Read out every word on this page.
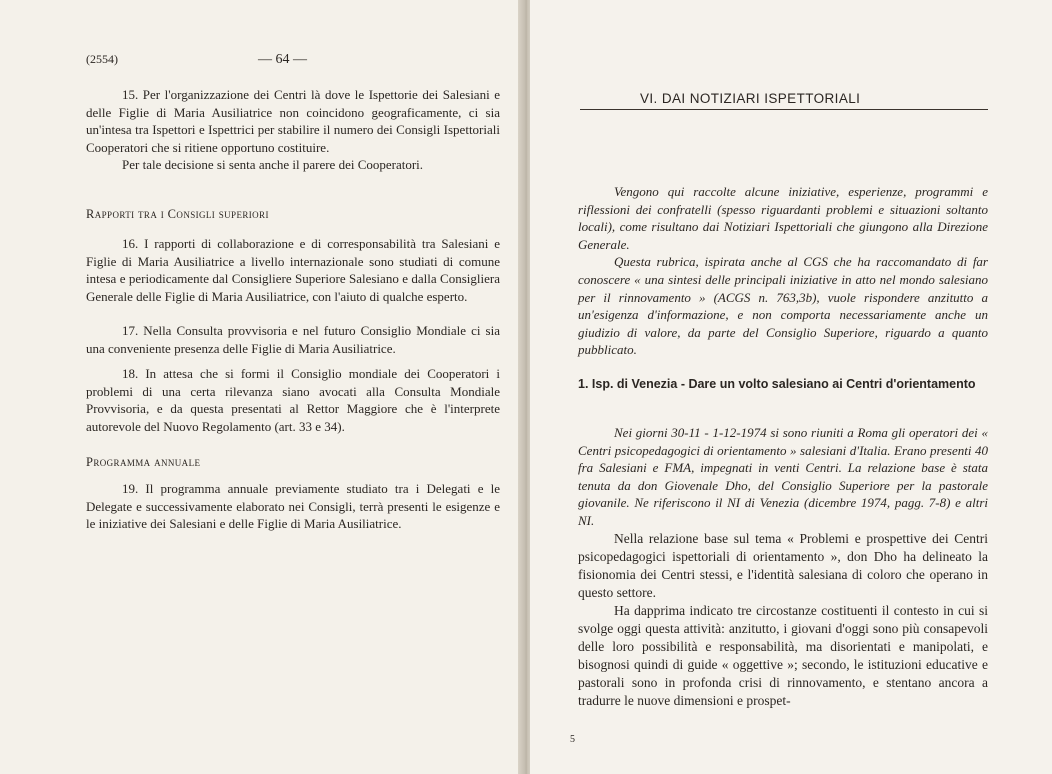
(2554)	— 64 —

15. Per l'organizzazione dei Centri là dove le Ispettorie dei Salesiani e delle Figlie di Maria Ausiliatrice non coincidono geograficamente, ci sia un'intesa tra Ispettori e Ispettrici per stabilire il numero dei Consigli Ispettoriali Cooperatori che si ritiene opportuno costituire.

Per tale decisione si senta anche il parere dei Cooperatori.

Rapporti tra i Consigli superiori

16. I rapporti di collaborazione e di corresponsabilità tra Salesiani e Figlie di Maria Ausiliatrice a livello internazionale sono studiati di comune intesa e periodicamente dal Consigliere Superiore Salesiano e dalla Consigliera Generale delle Figlie di Maria Ausiliatrice, con l'aiuto di qualche esperto.

17. Nella Consulta provvisoria e nel futuro Consiglio Mondiale ci sia una conveniente presenza delle Figlie di Maria Ausiliatrice.

18. In attesa che si formi il Consiglio mondiale dei Cooperatori i problemi di una certa rilevanza siano avocati alla Consulta Mondiale Provvisoria, e da questa presentati al Rettor Maggiore che è l'interprete autorevole del Nuovo Regolamento (art. 33 e 34).

Programma annuale

19. Il programma annuale previamente studiato tra i Delegati e le Delegate e successivamente elaborato nei Consigli, terrà presenti le esigenze e le iniziative dei Salesiani e delle Figlie di Maria Ausiliatrice.

VI. DAI NOTIZIARI ISPETTORIALI

Vengono qui raccolte alcune iniziative, esperienze, programmi e riflessioni dei confratelli (spesso riguardanti problemi e situazioni soltanto locali), come risultano dai Notiziari Ispettoriali che giungono alla Direzione Generale.

Questa rubrica, ispirata anche al CGS che ha raccomandato di far conoscere « una sintesi delle principali iniziative in atto nel mondo salesiano per il rinnovamento » (ACGS n. 763,3b), vuole rispondere anzitutto a un'esigenza d'informazione, e non comporta necessariamente anche un giudizio di valore, da parte del Consiglio Superiore, riguardo a quanto pubblicato.

1. Isp. di Venezia - Dare un volto salesiano ai Centri d'orientamento

Nei giorni 30-11 - 1-12-1974 si sono riuniti a Roma gli operatori dei « Centri psicopedagogici di orientamento » salesiani d'Italia. Erano presenti 40 fra Salesiani e FMA, impegnati in venti Centri. La relazione base è stata tenuta da don Giovenale Dho, del Consiglio Superiore per la pastorale giovanile. Ne riferiscono il NI di Venezia (dicembre 1974, pagg. 7-8) e altri NI.

Nella relazione base sul tema « Problemi e prospettive dei Centri psicopedagogici ispettoriali di orientamento », don Dho ha delineato la fisionomia dei Centri stessi, e l'identità salesiana di coloro che operano in questo settore.

Ha dapprima indicato tre circostanze costituenti il contesto in cui si svolge oggi questa attività: anzitutto, i giovani d'oggi sono più consapevoli delle loro possibilità e responsabilità, ma disorientati e manipolati, e bisognosi quindi di guide « oggettive »; secondo, le istituzioni educative e pastorali sono in profonda crisi di rinnovamento, e stentano ancora a tradurre le nuove dimensioni e prospet-

5
